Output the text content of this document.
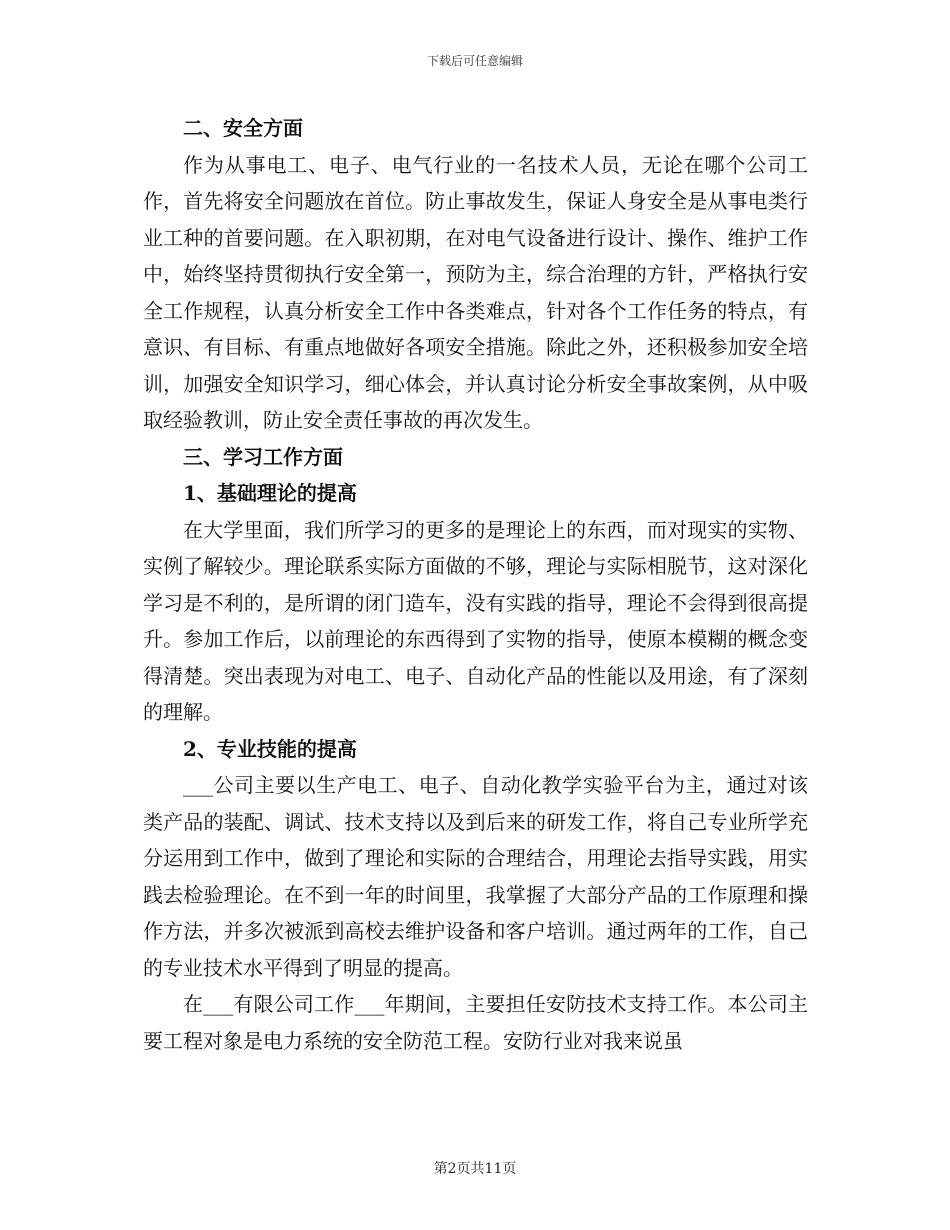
下载后可任意编辑

二、安全方面

作为从事电工、电子、电气行业的一名技术人员，无论在哪个公司工作，首先将安全问题放在首位。防止事故发生，保证人身安全是从事电类行业工种的首要问题。在入职初期，在对电气设备进行设计、操作、维护工作中，始终坚持贯彻执行安全第一，预防为主，综合治理的方针，严格执行安全工作规程，认真分析安全工作中各类难点，针对各个工作任务的特点，有意识、有目标、有重点地做好各项安全措施。除此之外，还积极参加安全培训，加强安全知识学习，细心体会，并认真讨论分析安全事故案例，从中吸取经验教训，防止安全责任事故的再次发生。

三、学习工作方面

1、基础理论的提高

在大学里面，我们所学习的更多的是理论上的东西，而对现实的实物、实例了解较少。理论联系实际方面做的不够，理论与实际相脱节，这对深化学习是不利的，是所谓的闭门造车，没有实践的指导，理论不会得到很高提升。参加工作后，以前理论的东西得到了实物的指导，使原本模糊的概念变得清楚。突出表现为对电工、电子、自动化产品的性能以及用途，有了深刻的理解。

2、专业技能的提高

___公司主要以生产电工、电子、自动化教学实验平台为主，通过对该类产品的装配、调试、技术支持以及到后来的研发工作，将自己专业所学充分运用到工作中，做到了理论和实际的合理结合，用理论去指导实践，用实践去检验理论。在不到一年的时间里，我掌握了大部分产品的工作原理和操作方法，并多次被派到高校去维护设备和客户培训。通过两年的工作，自己的专业技术水平得到了明显的提高。

在___有限公司工作___年期间，主要担任安防技术支持工作。本公司主要工程对象是电力系统的安全防范工程。安防行业对我来说虽

第2页共11页
